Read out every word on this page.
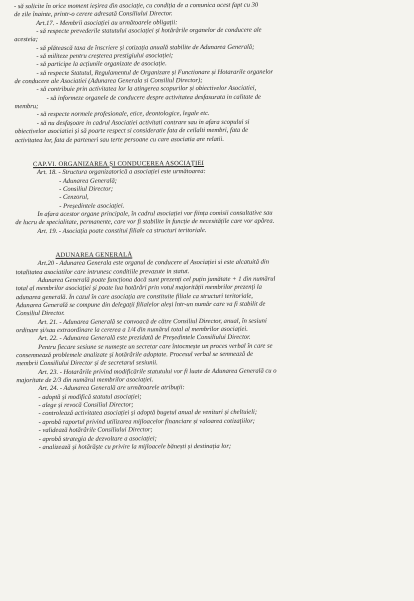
- să solicite în orice moment ieșirea din asociație, cu condiția de a comunica ocest fapt cu 30
de zile înainte, printr-o cerere adresată Consiliului Director.
Art.17. - Membrii asociației au următoarele obligații:
- să respecte prevederile statutului asociației și hotărârile organelor de conducere ale
acesteia;
- să plătească taxa de înscriere și cotizația anuală stabilite de Adunarea Generală;
- să militeze pentru creșterea prestigiului asociației;
- să participe la acțiunile organizate de asociație.
- să respecte Statutul, Regulamentul de Organizare și Functionare și Hotararile organelor
de conducere ale Asociatiei (Adunarea Generala si Consiliul Director);
- să contribuie prin activitatea lor la atingerea scopurilor și obiectivelor Asociatiei,
- să informeze organele de conducere despre activitatea desfasurata in calitate de
membru;
- să respecte normele profesionale, etice, deontologice, legale etc.
- să nu desfașoare in cadrul Asociatiei activitati contrare sau in afara scopului si
obiectivelor asociatiei și să poarte respect si consideratie fata de ceilalti membri, fata de
activitatea lor, fata de parteneri sau terte persoane cu care asociatia are relatii.
CAP.VI. ORGANIZAREA ȘI CONDUCEREA ASOCIAȚIEI
Art. 18. - Structura organizatorică a asociației este următoarea:
- Adunarea Generală;
- Consiliul Director;
- Cenzorul,
- Președintele asociației.
În afara acestor organe principale, în cadrul asociației vor ființa comisii consultative sau
de lucru de specialitate, permanente, care vor fi stabilite în funcție de necesitățile care vor apărea.
Art. 19. - Asociația poate constitui filiale ca structuri teritoriale.
ADUNAREA GENERALĂ
Art.20 - Adunarea Generala este organul de conducere al Asociației si este alcatuită din
totalitatea asociatilor care intrunesc conditiile prevazute in statut.
Adunarea Generală poate funcționa dacă sunt prezenți cel puțin jumătate + 1 din numărul
total al membrilor asociației și poate lua hotărâri prin votul majorității membrilor prezenți la
adunarea generală. În cazul în care asociația are constituite filiale ca structuri teritoriale,
Adunarea Generală se compune din delegații filialelor aleși într-un număr care va fi stabilit de
Consiliul Director.
Art. 21. - Adunarea Generală se convoacă de către Consiliul Director, anual, în sesiuni
ordinare și/sau extraordinare la cererea a 1/4 din numărul total al membrilor asociației.
Art. 22. - Adunarea Generală este prezidată de Președintele Consiliului Director.
Pentru fiecare sesiune se numește un secretar care întocmește un proces verbal în care se
consemnează problemele analizate și hotărârile adoptate. Procesul verbal se semnează de
membrii Consiliului Director și de secretarul sesiunii.
Art. 23. - Hotarârile privind modificările statutului vor fi luate de Adunarea Generală cu o
majoritate de 2/3 din numărul membrilor asociației.
Art. 24. - Adunarea Generală are următoarele atribuții:
- adoptă și modifică statutul asociației;
- alege și revocă Consiliul Director;
- controlează activitatea asociației și adoptă bugetul anual de venituri și cheltuieli;
- aprobă raportul privind utilizarea mijloacelor financiare și valoarea cotizațiilor;
- validează hotărârile Consiliului Director;
- aprobă strategia de dezvoltare a asociației;
- analizează și hotărăște cu privire la mijloacele bănești și destinația lor;
